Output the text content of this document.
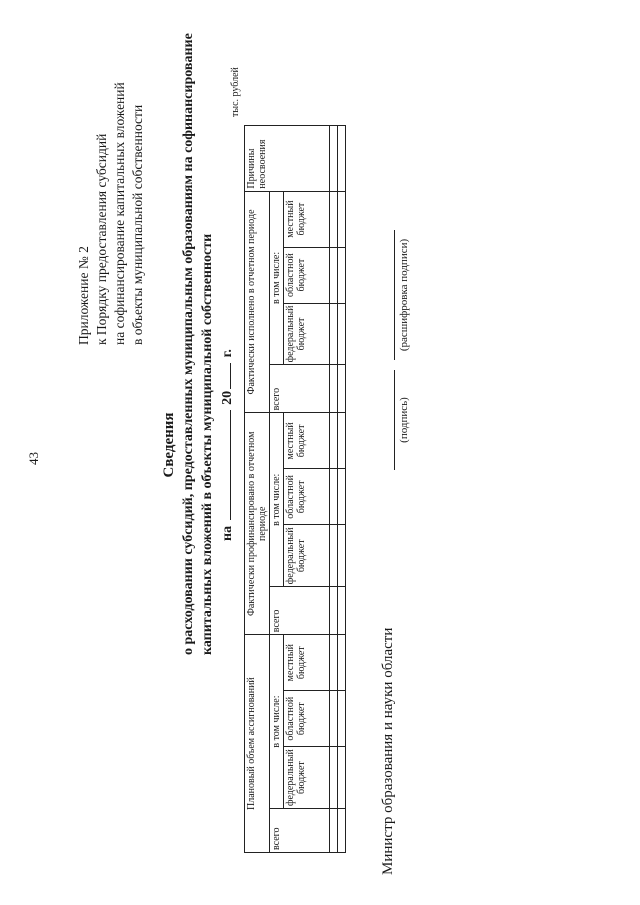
43
Приложение № 2 к Порядку предоставления субсидий на софинансирование капитальных вложений в объекты муниципальной собственности
Сведения о расходовании субсидий, предоставленных муниципальным образованиям на софинансирование капитальных вложений в объекты муниципальной собственности на  20 г.
тыс. рублей
Плановый объем ассигнований				Фактически профинансировано в отчетном периоде				Фактически исполнено в отчетном периоде				Причины неосвоения
всего	в том числе:			всего	в том числе:			всего	в том числе:			
	федеральный бюджет	областной бюджет	местный бюджет		федеральный бюджет	областной бюджет	местный бюджет		федеральный бюджет	областной бюджет	местный бюджет	

Министр образования и науки области
(подпись)
(расшифровка подписи)
